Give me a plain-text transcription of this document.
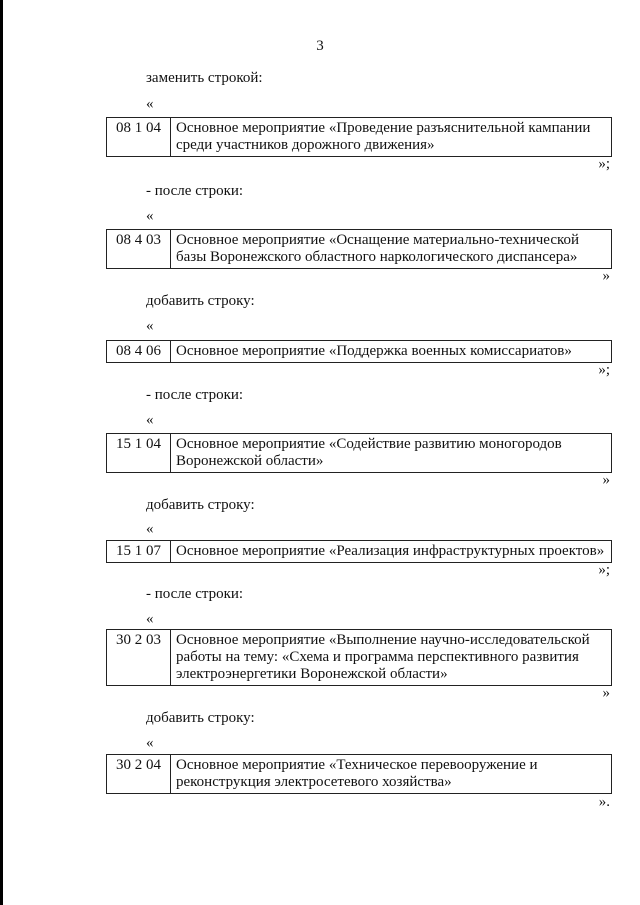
3
заменить строкой:
«
08 1 04	Основное мероприятие «Проведение разъяснительной кампании среди участников дорожного движения»
»;
- после строки:
«
08 4 03	Основное мероприятие «Оснащение материально-технической базы Воронежского областного наркологического диспансера»
»
добавить строку:
«
08 4 06	Основное мероприятие «Поддержка военных комиссариатов»
»;
- после строки:
«
15 1 04	Основное мероприятие «Содействие развитию моногородов Воронежской области»
»
добавить строку:
«
15 1 07	Основное мероприятие «Реализация инфраструктурных проектов»
»;
- после строки:
«
30 2 03	Основное мероприятие «Выполнение научно-исследовательской работы на тему: «Схема и программа перспективного развития электроэнергетики Воронежской области»
»
добавить строку:
«
30 2 04	Основное мероприятие «Техническое перевооружение и реконструкция электросетевого хозяйства»
».
